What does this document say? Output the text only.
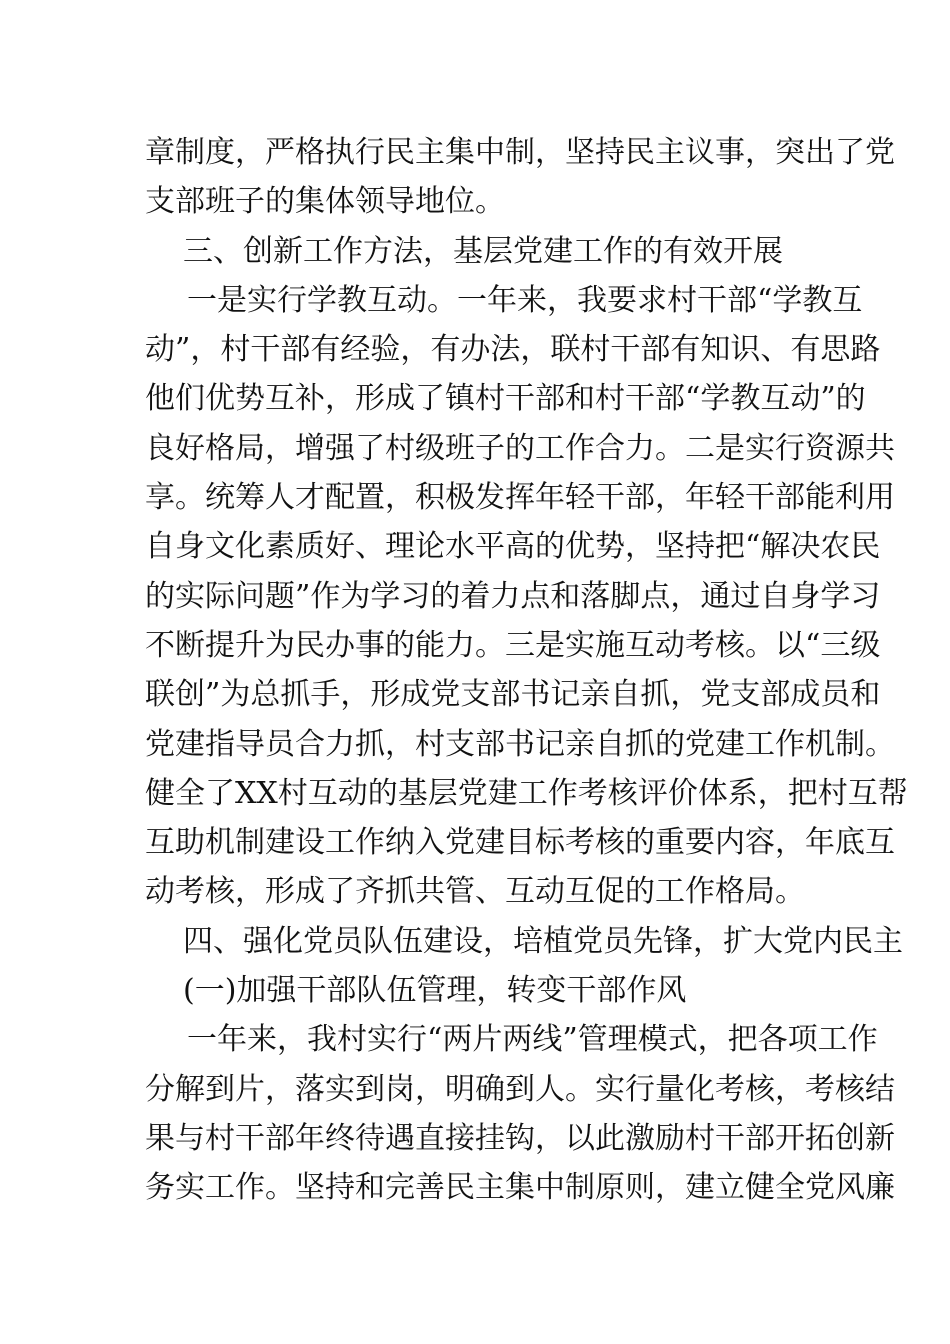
章制度，严格执行民主集中制，坚持民主议事，突出了党
支部班子的集体领导地位。
三、创新工作方法，基层党建工作的有效开展
一是实行学教互动。一年来，我要求村干部“学教互
动”，村干部有经验，有办法，联村干部有知识、有思路
他们优势互补，形成了镇村干部和村干部“学教互动”的
良好格局，增强了村级班子的工作合力。二是实行资源共
享。统筹人才配置，积极发挥年轻干部，年轻干部能利用
自身文化素质好、理论水平高的优势，坚持把“解决农民
的实际问题”作为学习的着力点和落脚点，通过自身学习
不断提升为民办事的能力。三是实施互动考核。以“三级
联创”为总抓手，形成党支部书记亲自抓，党支部成员和
党建指导员合力抓，村支部书记亲自抓的党建工作机制。
健全了XX村互动的基层党建工作考核评价体系，把村互帮
互助机制建设工作纳入党建目标考核的重要内容，年底互
动考核，形成了齐抓共管、互动互促的工作格局。
四、强化党员队伍建设，培植党员先锋，扩大党内民主
(一)加强干部队伍管理，转变干部作风
一年来，我村实行“两片两线”管理模式，把各项工作
分解到片，落实到岗，明确到人。实行量化考核，考核结
果与村干部年终待遇直接挂钩，以此激励村干部开拓创新
务实工作。坚持和完善民主集中制原则，建立健全党风廉
